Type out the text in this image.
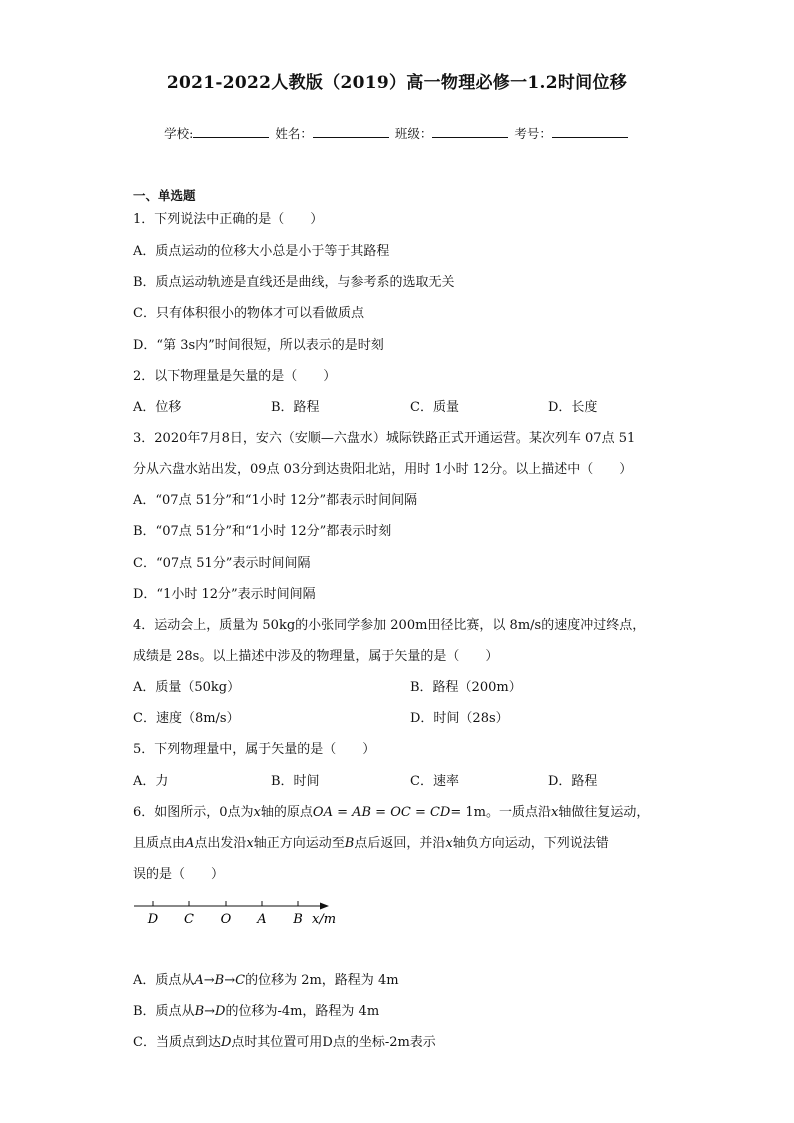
2021-2022人教版（2019）高一物理必修一1.2时间位移
学校:	姓名：	班级：	考号：
一、单选题
1．下列说法中正确的是（　　）
A．质点运动的位移大小总是小于等于其路程
B．质点运动轨迹是直线还是曲线，与参考系的选取无关
C．只有体积很小的物体才可以看做质点
D．“第 3s内”时间很短，所以表示的是时刻
2．以下物理量是矢量的是（　　）
A．位移	B．路程	C．质量	D．长度
3．2020年7月8日，安六（安顺—六盘水）城际铁路正式开通运营。某次列车 07点 51
分从六盘水站出发，09点 03分到达贵阳北站，用时 1小时 12分。以上描述中（　　）
A．“07点 51分”和“1小时 12分”都表示时间间隔
B．“07点 51分”和“1小时 12分”都表示时刻
C．“07点 51分”表示时间间隔
D．“1小时 12分”表示时间间隔
4．运动会上，质量为 50kg的小张同学参加 200m田径比赛，以 8m/s的速度冲过终点，
成绩是 28s。以上描述中涉及的物理量，属于矢量的是（　　）
A．质量（50kg）	B．路程（200m）
C．速度（8m/s）	D．时间（28s）
5．下列物理量中，属于矢量的是（　　）
A．力	B．时间	C．速率	D．路程
6．如图所示，0点为x轴的原点OA = AB = OC = CD= 1m。一质点沿x轴做往复运动，
且质点由A点出发沿x轴正方向运动至B点后返回，并沿x轴负方向运动，下列说法错
误的是（　　）
D C O A B x/m
A．质点从A→B→C的位移为 2m，路程为 4m
B．质点从B→D的位移为-4m，路程为 4m
C．当质点到达D点时其位置可用D点的坐标-2m表示
